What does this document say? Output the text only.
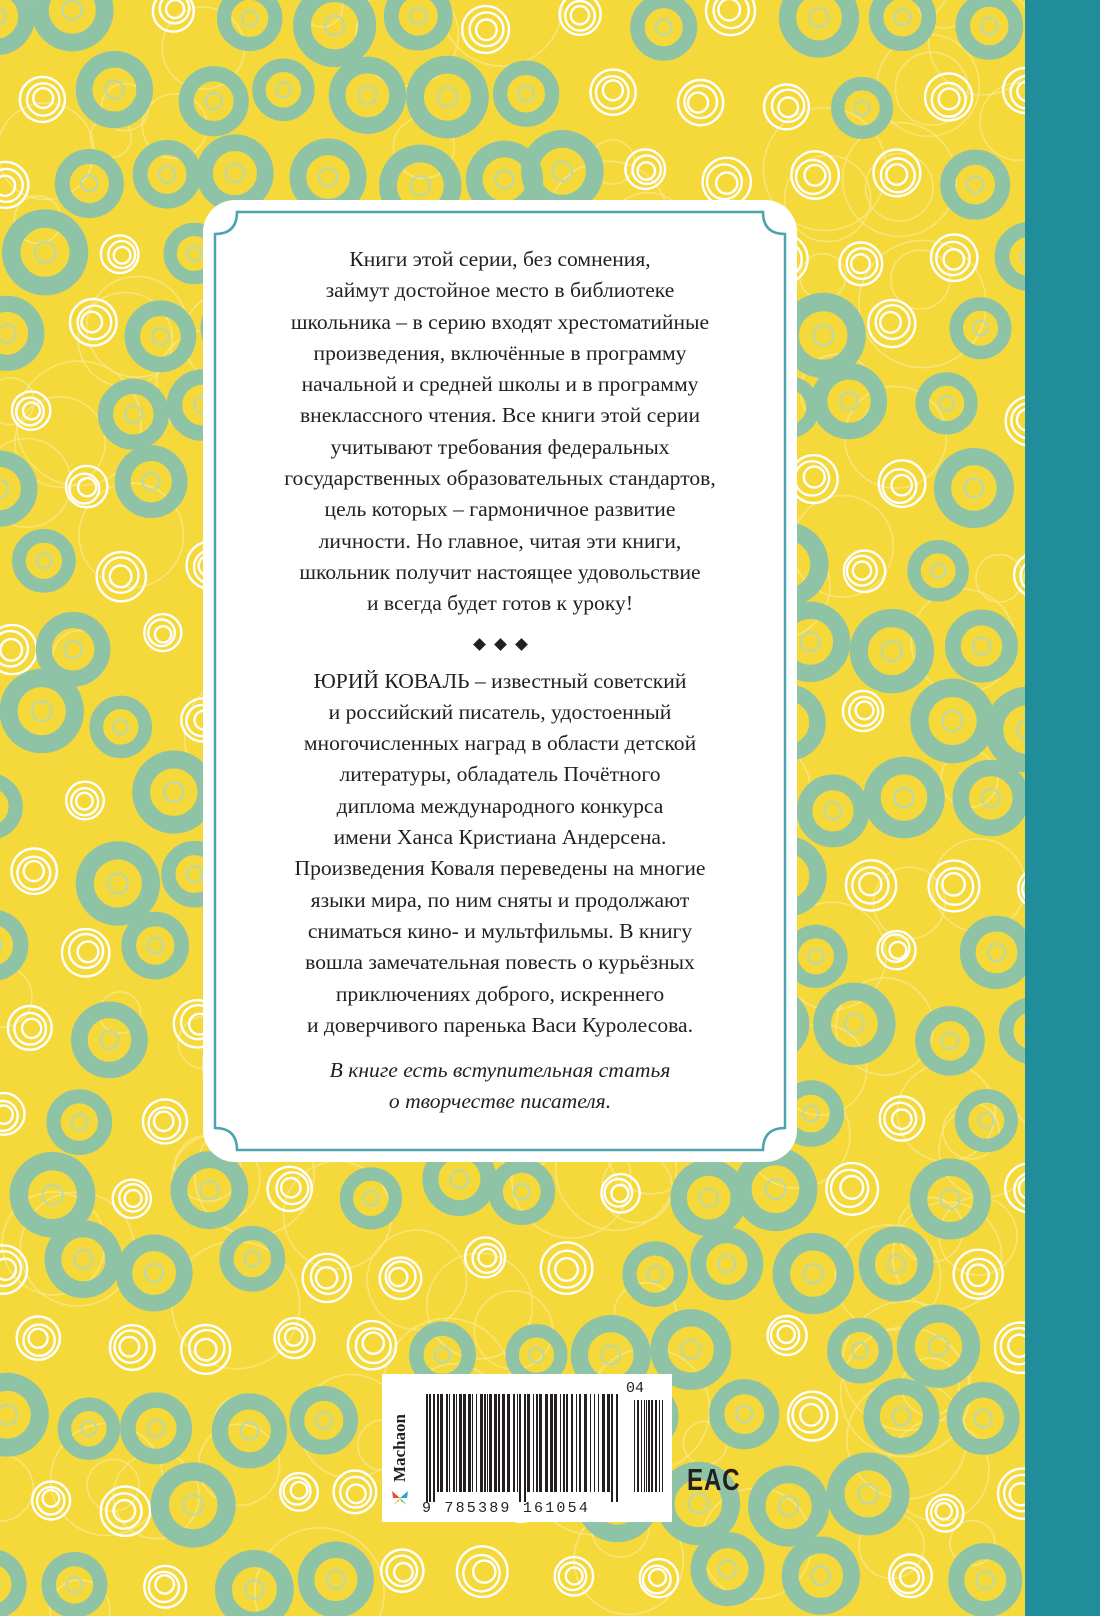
Книги этой серии, без сомнения,
займут достойное место в библиотеке
школьника – в серию входят хрестоматийные
произведения, включённые в программу
начальной и средней школы и в программу
внеклассного чтения. Все книги этой серии
учитывают требования федеральных
государственных образовательных стандартов,
цель которых – гармоничное развитие
личности. Но главное, читая эти книги,
школьник получит настоящее удовольствие
и всегда будет готов к уроку!
ЮРИЙ КОВАЛЬ – известный советский
и российский писатель, удостоенный
многочисленных наград в области детской
литературы, обладатель Почётного
диплома международного конкурса
имени Ханса Кристиана Андерсена.
Произведения Коваля переведены на многие
языки мира, по ним сняты и продолжают
сниматься кино- и мультфильмы. В книгу
вошла замечательная повесть о курьёзных
приключениях доброго, искреннего
и доверчивого паренька Васи Куролесова.
В книге есть вступительная статья
о творчестве писателя.
Machaon
04
9 785389 161054
EAC
